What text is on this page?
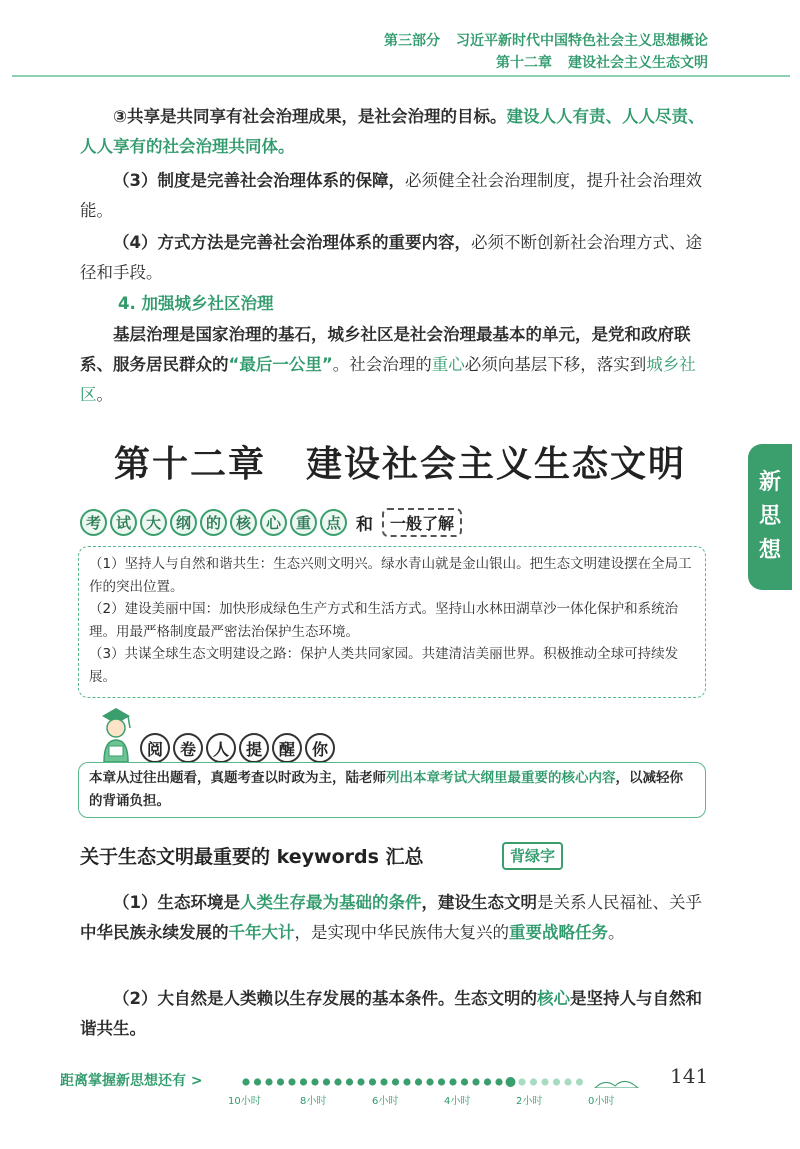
第三部分 习近平新时代中国特色社会主义思想概论
第十二章 建设社会主义生态文明
③共享是共同享有社会治理成果，是社会治理的目标。建设人人有责、人人尽责、人人享有的社会治理共同体。
（3）制度是完善社会治理体系的保障，必须健全社会治理制度，提升社会治理效能。
（4）方式方法是完善社会治理体系的重要内容，必须不断创新社会治理方式、途径和手段。
4. 加强城乡社区治理
基层治理是国家治理的基石，城乡社区是社会治理最基本的单元，是党和政府联系、服务居民群众的“最后一公里”。社会治理的重心必须向基层下移，落实到城乡社区。
第十二章 建设社会主义生态文明	新
思
想
考 试 大 纲 的 核 心 重 点 和	一般了解

（1）坚持人与自然和谐共生：生态兴则文明兴。绿水青山就是金山银山。把生态文明建设摆在全局工作的突出位置。

（2）建设美丽中国：加快形成绿色生产方式和生活方式。坚持山水林田湖草沙一体化保护和系统治理。用最严格制度最严密法治保护生态环境。

（3）共谋全球生态文明建设之路：保护人类共同家园。共建清洁美丽世界。积极推动全球可持续发展。

阅	卷	人	提	醒	你
本章从过往出题看，真题考查以时政为主，陆老师列出本章考试大纲里最重要的核心内容，以减轻你的背诵负担。
关于生态文明最重要的 keywords 汇总	背绿字
（1）生态环境是人类生存最为基础的条件，建设生态文明是关系人民福祉、关乎中华民族永续发展的千年大计，是实现中华民族伟大复兴的重要战略任务。
（2）大自然是人类赖以生存发展的基本条件。生态文明的核心是坚持人与自然和谐共生。
距离掌握新思想还有 >	141
10小时	8小时	6小时	4小时	2小时	0小时
